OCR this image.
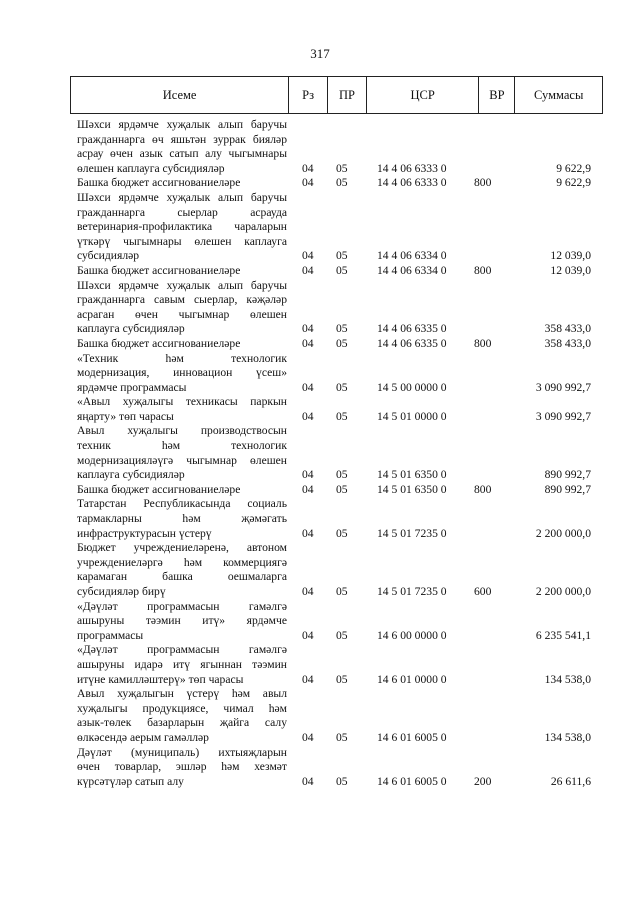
317
Исеме	Рз	ПР	ЦСР	ВР	Суммасы
Шәхси ярдәмче хуҗалык алып баручы
гражданнарга өч яшьтән зуррак бияләр
асрау өчен азык сатып алу чыгымнары
өлешен каплауга субсидияләр	04 05	14 4 06 6333 0	9 622,9
Башка бюджет ассигнованиеләре	04 05	14 4 06 6333 0 800	9 622,9
Шәхси ярдәмче хуҗалык алып баручы
гражданнарга сыерлар асрауда
ветеринария-профилактика чараларын
үткәрү чыгымнары өлешен каплауга
субсидияләр	04 05	14 4 06 6334 0	12 039,0
Башка бюджет ассигнованиеләре	04 05	14 4 06 6334 0 800	12 039,0
Шәхси ярдәмче хуҗалык алып баручы
гражданнарга савым сыерлар, кәҗәләр
асраган өчен чыгымнар өлешен
каплауга субсидияләр	04 05	14 4 06 6335 0	358 433,0
Башка бюджет ассигнованиеләре	04 05	14 4 06 6335 0 800	358 433,0
«Техник һәм технологик
модернизация, инновацион үсеш»
ярдәмче программасы	04 05	14 5 00 0000 0	3 090 992,7
«Авыл хуҗалыгы техникасы паркын
яңарту» төп чарасы	04 05	14 5 01 0000 0	3 090 992,7
Авыл хуҗалыгы производствосын
техник һәм технологик
модернизацияләүгә чыгымнар өлешен
каплауга субсидияләр	04 05	14 5 01 6350 0	890 992,7
Башка бюджет ассигнованиеләре	04 05	14 5 01 6350 0 800	890 992,7
Татарстан Республикасында социаль
тармакларны һәм җәмәгать
инфраструктурасын үстерү	04 05	14 5 01 7235 0	2 200 000,0
Бюджет учреждениеләренә, автоном
учреждениеләргә һәм коммерциягә
карамаган башка оешмаларга
субсидияләр бирү	04 05	14 5 01 7235 0 600	2 200 000,0
«Дәүләт программасын гамәлгә
ашыруны тәэмин итү» ярдәмче
программасы	04 05	14 6 00 0000 0	6 235 541,1
«Дәүләт программасын гамәлгә
ашыруны идарә итү ягыннан тәэмин
итүне камилләштерү» төп чарасы	04 05	14 6 01 0000 0	134 538,0
Авыл хуҗалыгын үстерү һәм авыл
хуҗалыгы продукциясе, чимал һәм
азык-төлек базарларын җайга салу
өлкәсендә аерым гамәлләр	04 05	14 6 01 6005 0	134 538,0
Дәүләт (муниципаль) ихтыяҗларын
өчен товарлар, эшләр һәм хезмәт
күрсәтүләр сатып алу	04 05	14 6 01 6005 0 200	26 611,6
